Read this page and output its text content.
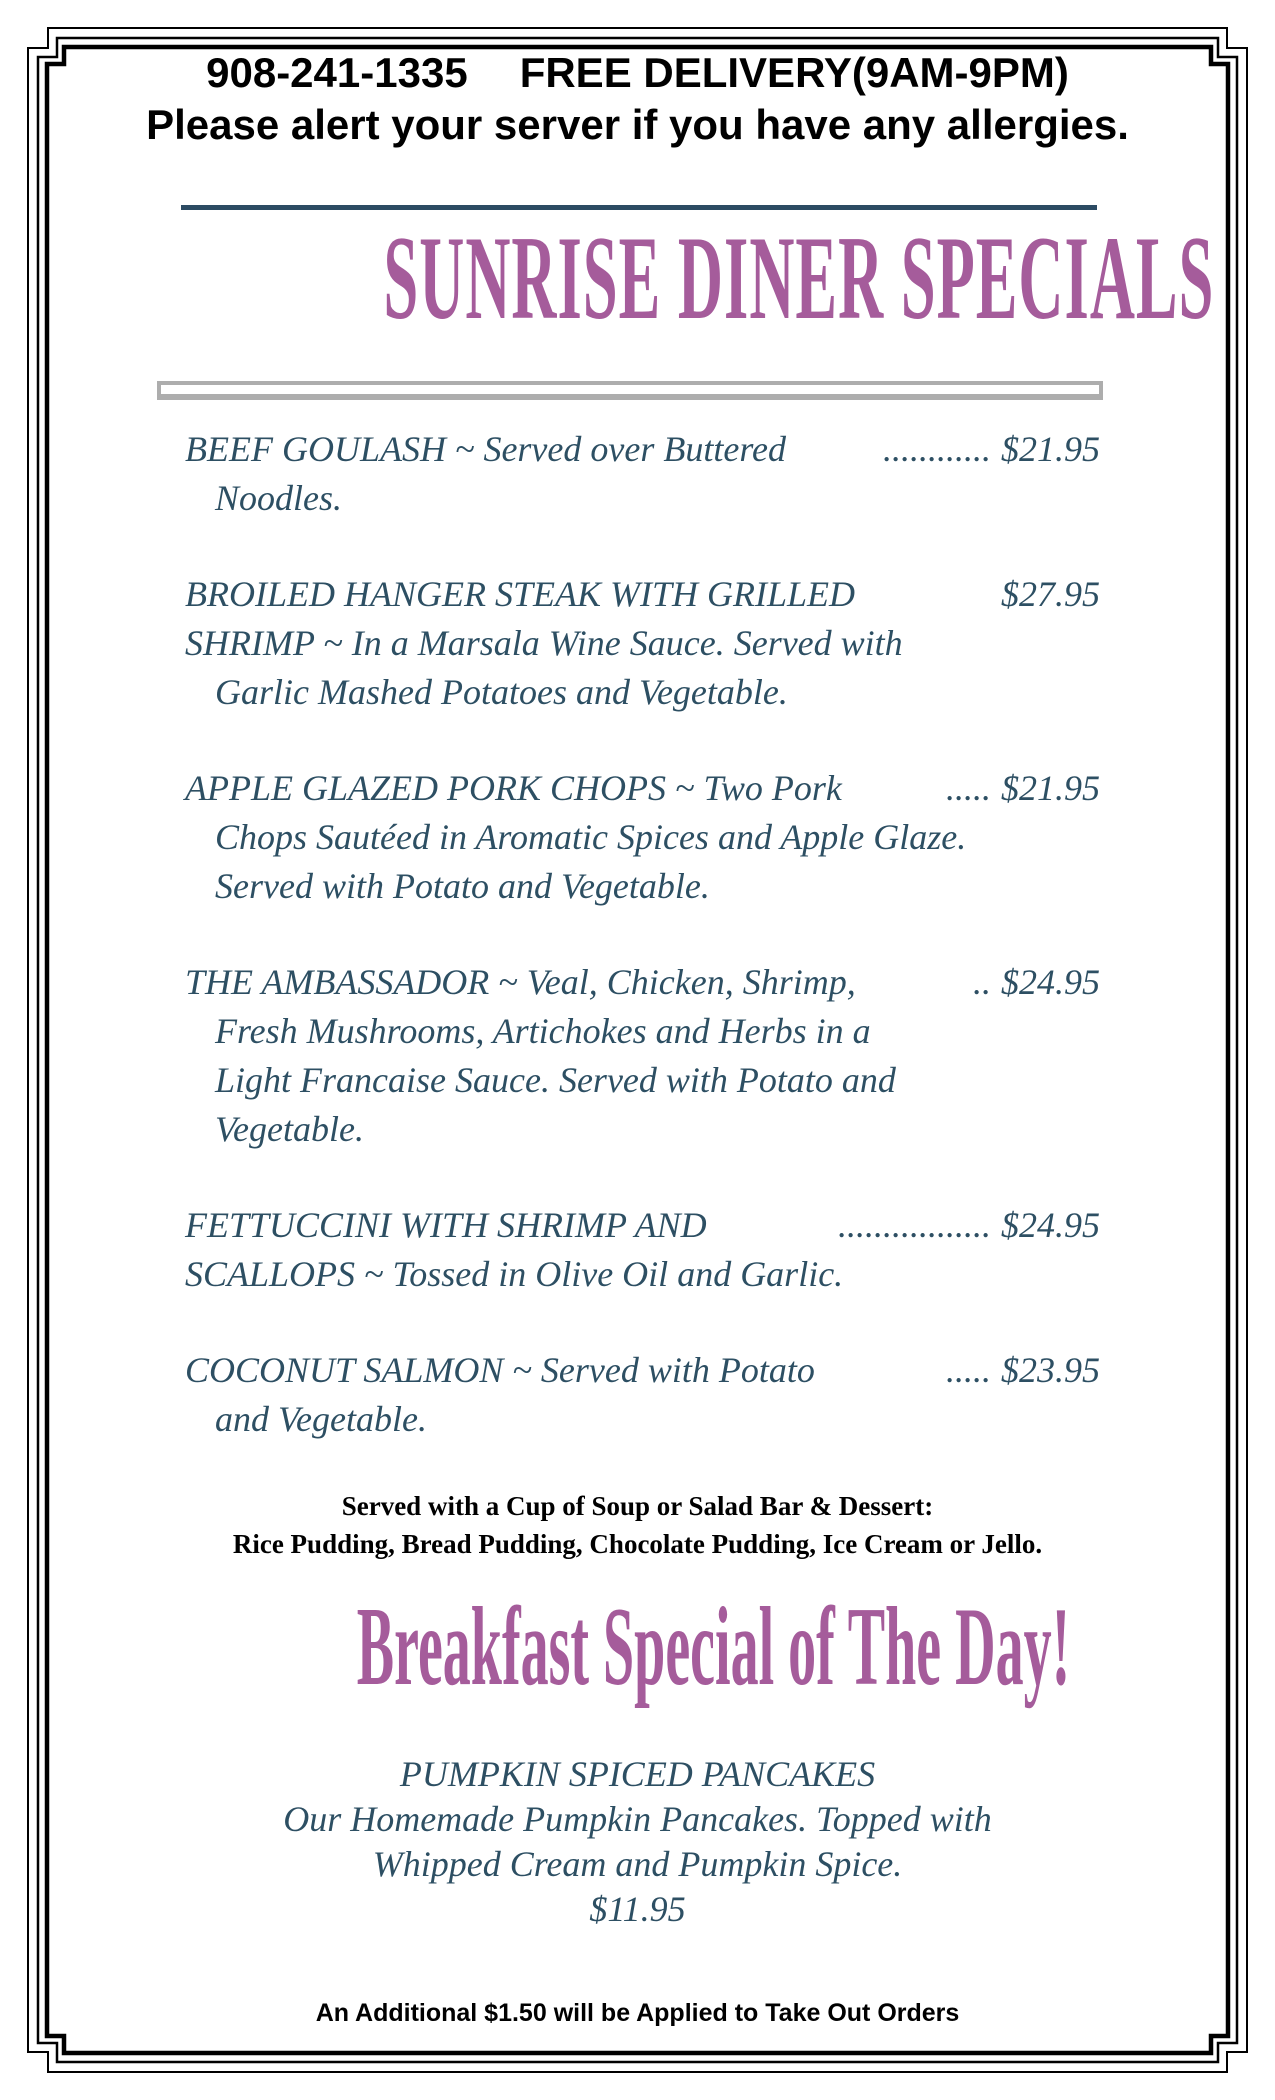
908-241-1335 FREE DELIVERY(9AM-9PM)
Please alert your server if you have any allergies.
SUNRISE DINER SPECIALS
BEEF GOULASH ~ Served over Buttered	............ $21.95
Noodles.
BROILED HANGER STEAK WITH GRILLED	$27.95
SHRIMP ~ In a Marsala Wine Sauce. Served with
Garlic Mashed Potatoes and Vegetable.
APPLE GLAZED PORK CHOPS ~ Two Pork	..... $21.95
Chops Sautéed in Aromatic Spices and Apple Glaze.
Served with Potato and Vegetable.
THE AMBASSADOR ~ Veal, Chicken, Shrimp,	.. $24.95
Fresh Mushrooms, Artichokes and Herbs in a
Light Francaise Sauce. Served with Potato and
Vegetable.
FETTUCCINI WITH SHRIMP AND	................. $24.95
SCALLOPS ~ Tossed in Olive Oil and Garlic.
COCONUT SALMON ~ Served with Potato	..... $23.95
and Vegetable.
Served with a Cup of Soup or Salad Bar & Dessert:
Rice Pudding, Bread Pudding, Chocolate Pudding, Ice Cream or Jello.
Breakfast Special of The Day!
PUMPKIN SPICED PANCAKES
Our Homemade Pumpkin Pancakes. Topped with
Whipped Cream and Pumpkin Spice.
$11.95
An Additional $1.50 will be Applied to Take Out Orders
